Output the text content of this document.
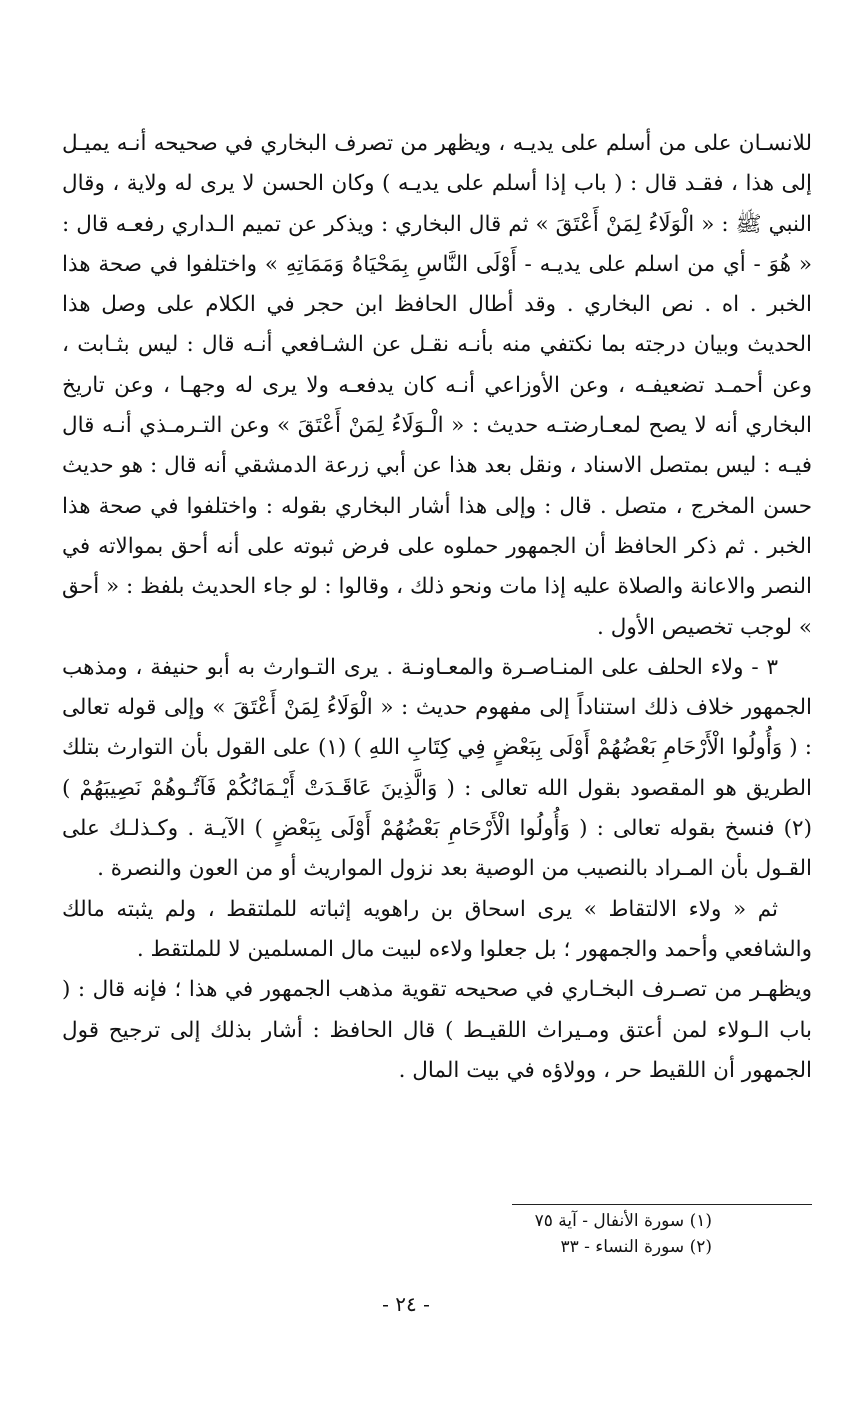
للانسـان على من أسلم على يديـه ، ويظهر من تصرف البخاري في صحيحه أنـه يميـل إلى هذا ، فقـد قال : ( باب إذا أسلم على يديـه ) وكان الحسن لا يرى له ولاية ، وقال النبي ﷺ : « الْوَلَاءُ لِمَنْ أَعْتَقَ » ثم قال البخاري : ويذكر عن تميم الـداري رفعـه قال : « هُوَ - أي من اسلم على يديـه - أَوْلَى النَّاسِ بِمَحْيَاهُ وَمَمَاتِهِ » واختلفوا في صحة هذا الخبر . اه . نص البخاري . وقد أطال الحافظ ابن حجر في الكلام على وصل هذا الحديث وبيان درجته بما نكتفي منه بأنـه نقـل عن الشـافعي أنـه قال : ليس بثـابت ، وعن أحمـد تضعيفـه ، وعن الأوزاعي أنـه كان يدفعـه ولا يرى له وجهـا ، وعن تاريخ البخاري أنه لا يصح لمعـارضتـه حديث : « الْـوَلَاءُ لِمَنْ أَعْتَقَ » وعن التـرمـذي أنـه قال فيـه : ليس بمتصل الاسناد ، ونقل بعد هذا عن أبي زرعة الدمشقي أنه قال : هو حديث حسن المخرج ، متصل . قال : وإلى هذا أشار البخاري بقوله : واختلفوا في صحة هذا الخبر . ثم ذكر الحافظ أن الجمهور حملوه على فرض ثبوته على أنه أحق بموالاته في النصر والاعانة والصلاة عليه إذا مات ونحو ذلك ، وقالوا : لو جاء الحديث بلفظ : « أحق » لوجب تخصيص الأول .

٣ - ولاء الحلف على المنـاصـرة والمعـاونـة . يرى التـوارث به أبو حنيفة ، ومذهب الجمهور خلاف ذلك استناداً إلى مفهوم حديث : « الْوَلَاءُ لِمَنْ أَعْتَقَ » وإلى قوله تعالى : ( وَأُولُوا الْأَرْحَامِ بَعْضُهُمْ أَوْلَى بِبَعْضٍ فِي كِتَابِ اللهِ ) (١) على القول بأن التوارث بتلك الطريق هو المقصود بقول الله تعالى : ( وَالَّذِينَ عَاقَـدَتْ أَيْـمَانُكُمْ فَآتُـوهُمْ نَصِيبَهُمْ ) (٢) فنسخ بقوله تعالى : ( وَأُولُوا الْأَرْحَامِ بَعْضُهُمْ أَوْلَى بِبَعْضٍ ) الآيـة . وكـذلـك على القـول بأن المـراد بالنصيب من الوصية بعد نزول المواريث أو من العون والنصرة .

ثم « ولاء الالتقاط » يرى اسحاق بن راهويه إثباته للملتقط ، ولم يثبته مالك والشافعي وأحمد والجمهور ؛ بل جعلوا ولاءه لبيت مال المسلمين لا للملتقط .

ويظهـر من تصـرف البخـاري في صحيحه تقوية مذهب الجمهور في هذا ؛ فإنه قال : ( باب الـولاء لمن أعتق ومـيراث اللقيـط ) قال الحافظ : أشار بذلك إلى ترجيح قول الجمهور أن اللقيط حر ، وولاؤه في بيت المال .

(١) سورة الأنفال - آية ٧٥
(٢) سورة النساء - ٣٣
- ٢٤ -
